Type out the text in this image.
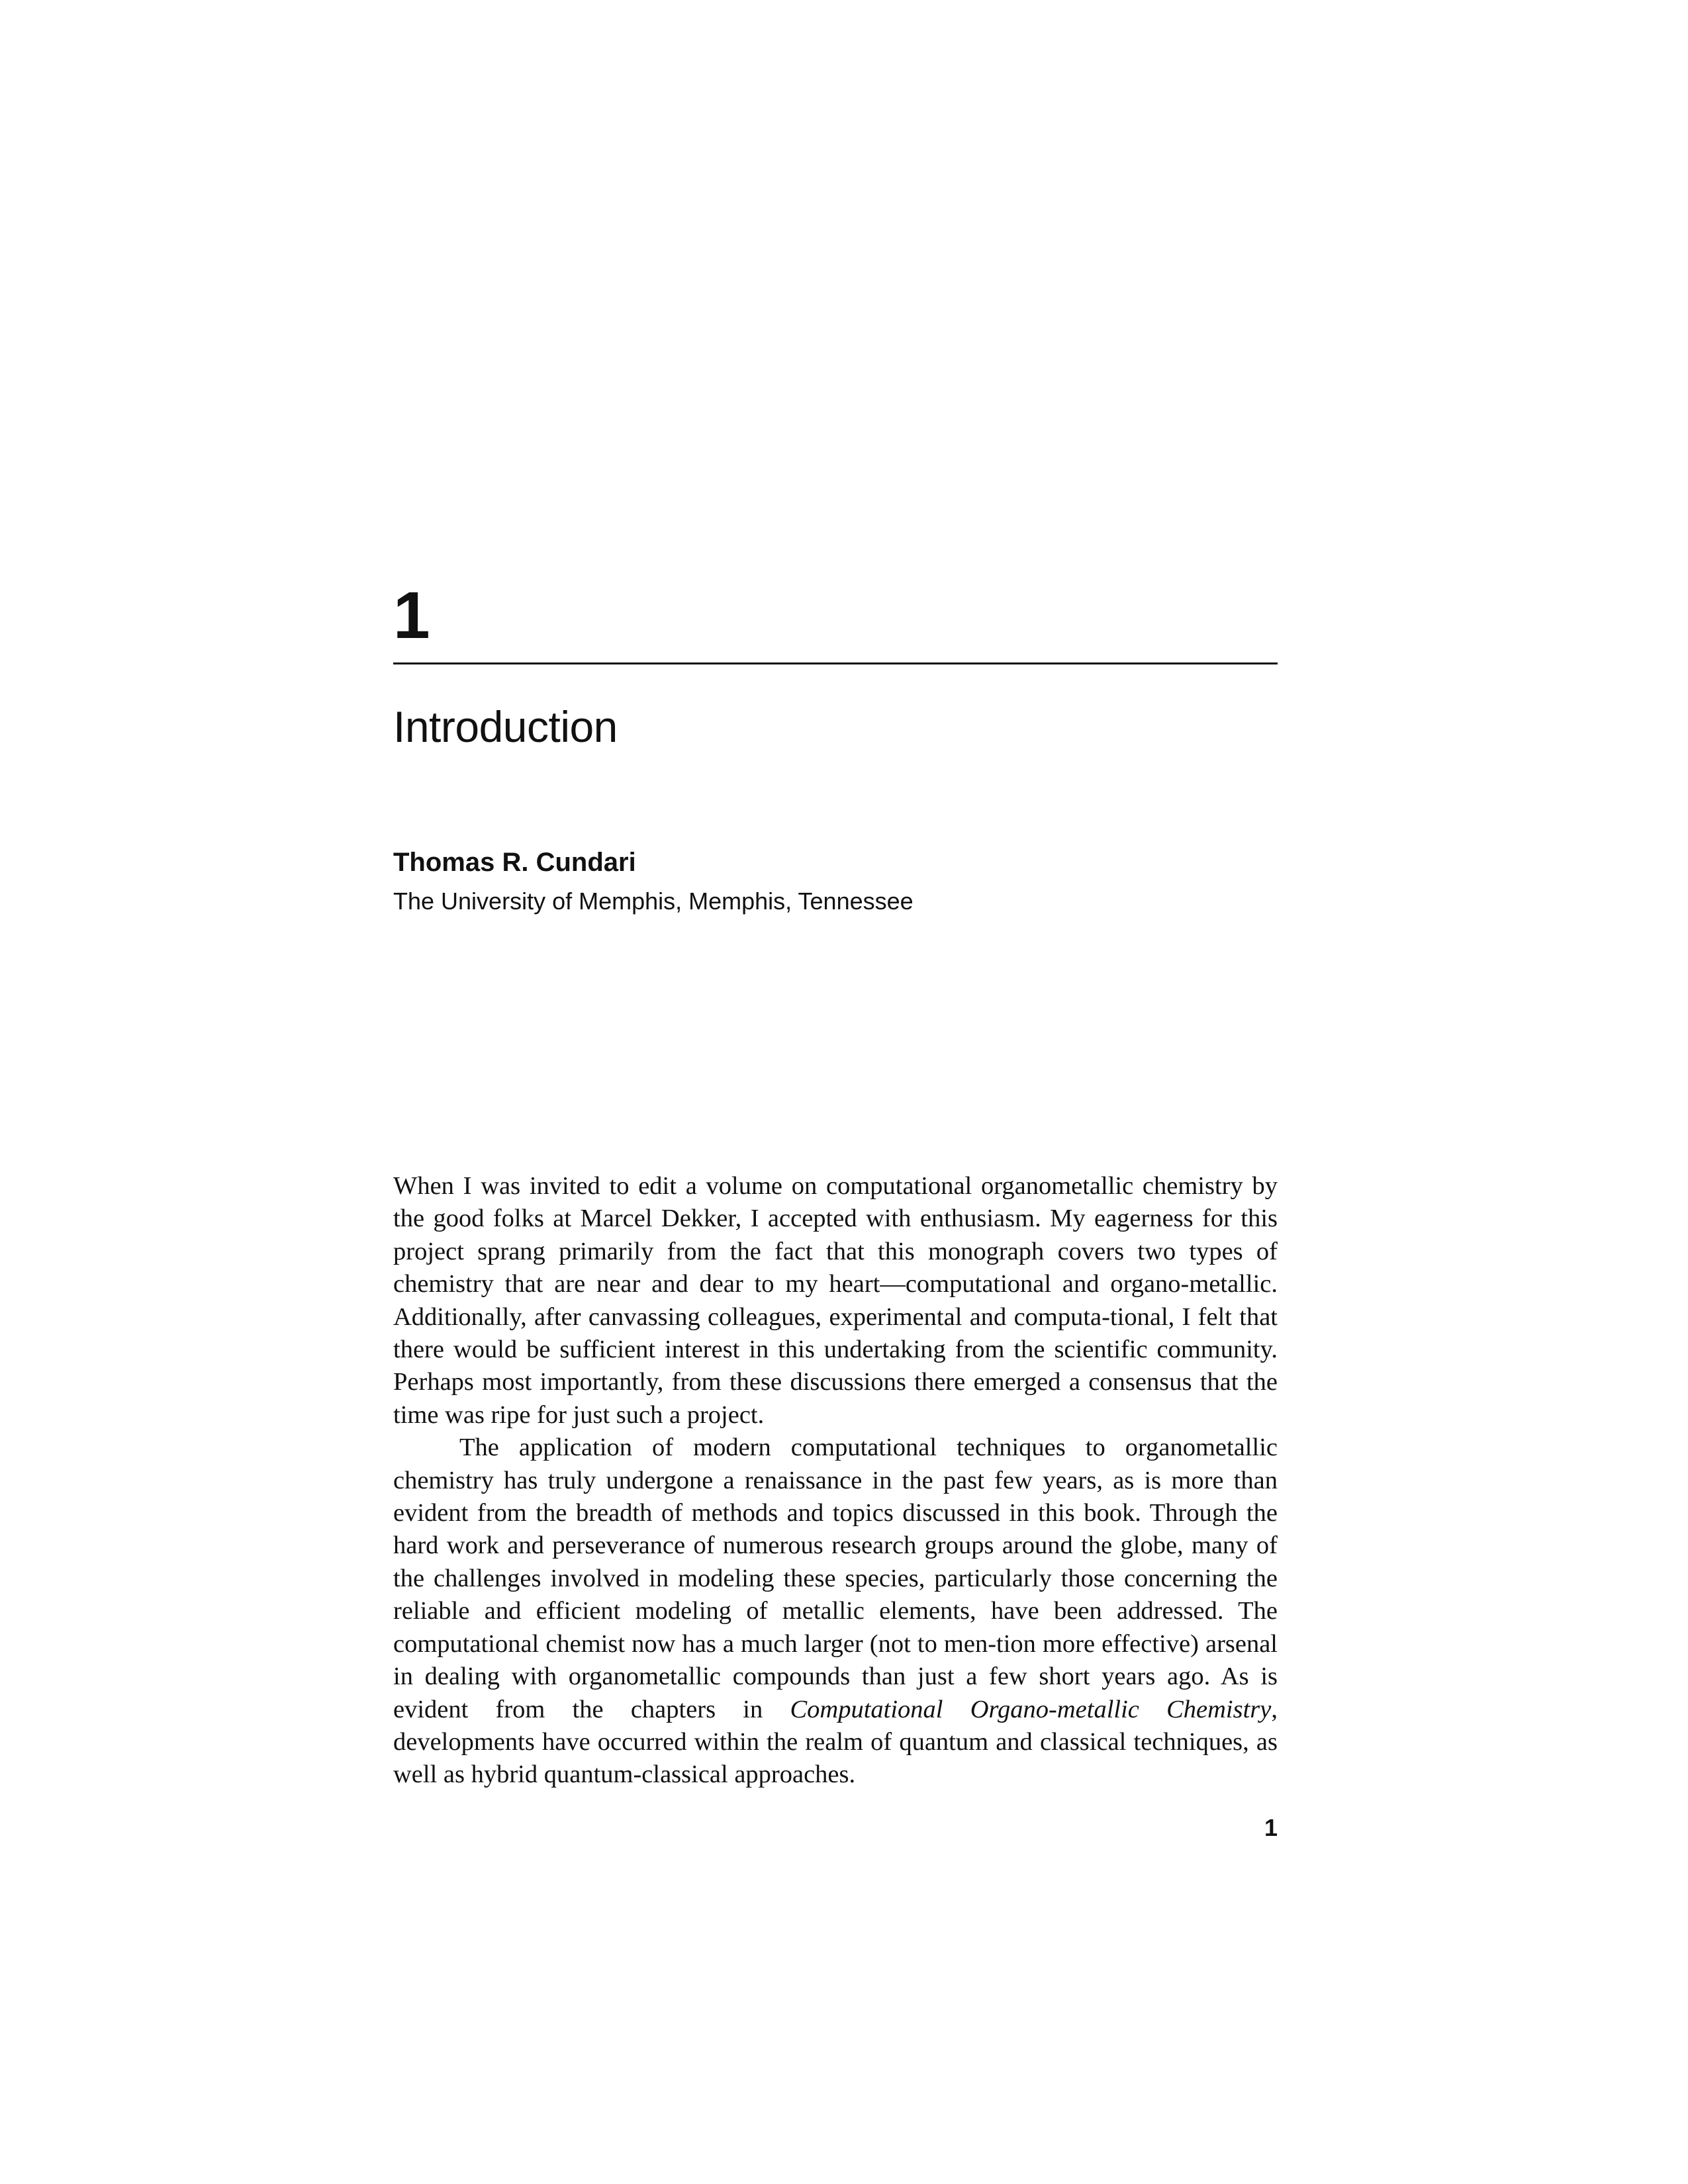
1
Introduction
Thomas R. Cundari
The University of Memphis, Memphis, Tennessee

When I was invited to edit a volume on computational organometallic chemistry by the good folks at Marcel Dekker, I accepted with enthusiasm. My eagerness for this project sprang primarily from the fact that this monograph covers two types of chemistry that are near and dear to my heart—computational and organo-metallic. Additionally, after canvassing colleagues, experimental and computa-tional, I felt that there would be sufficient interest in this undertaking from the scientific community. Perhaps most importantly, from these discussions there emerged a consensus that the time was ripe for just such a project.

The application of modern computational techniques to organometallic chemistry has truly undergone a renaissance in the past few years, as is more than evident from the breadth of methods and topics discussed in this book. Through the hard work and perseverance of numerous research groups around the globe, many of the challenges involved in modeling these species, particularly those concerning the reliable and efficient modeling of metallic elements, have been addressed. The computational chemist now has a much larger (not to men-tion more effective) arsenal in dealing with organometallic compounds than just a few short years ago. As is evident from the chapters in Computational Organo-metallic Chemistry, developments have occurred within the realm of quantum and classical techniques, as well as hybrid quantum-classical approaches.

1
